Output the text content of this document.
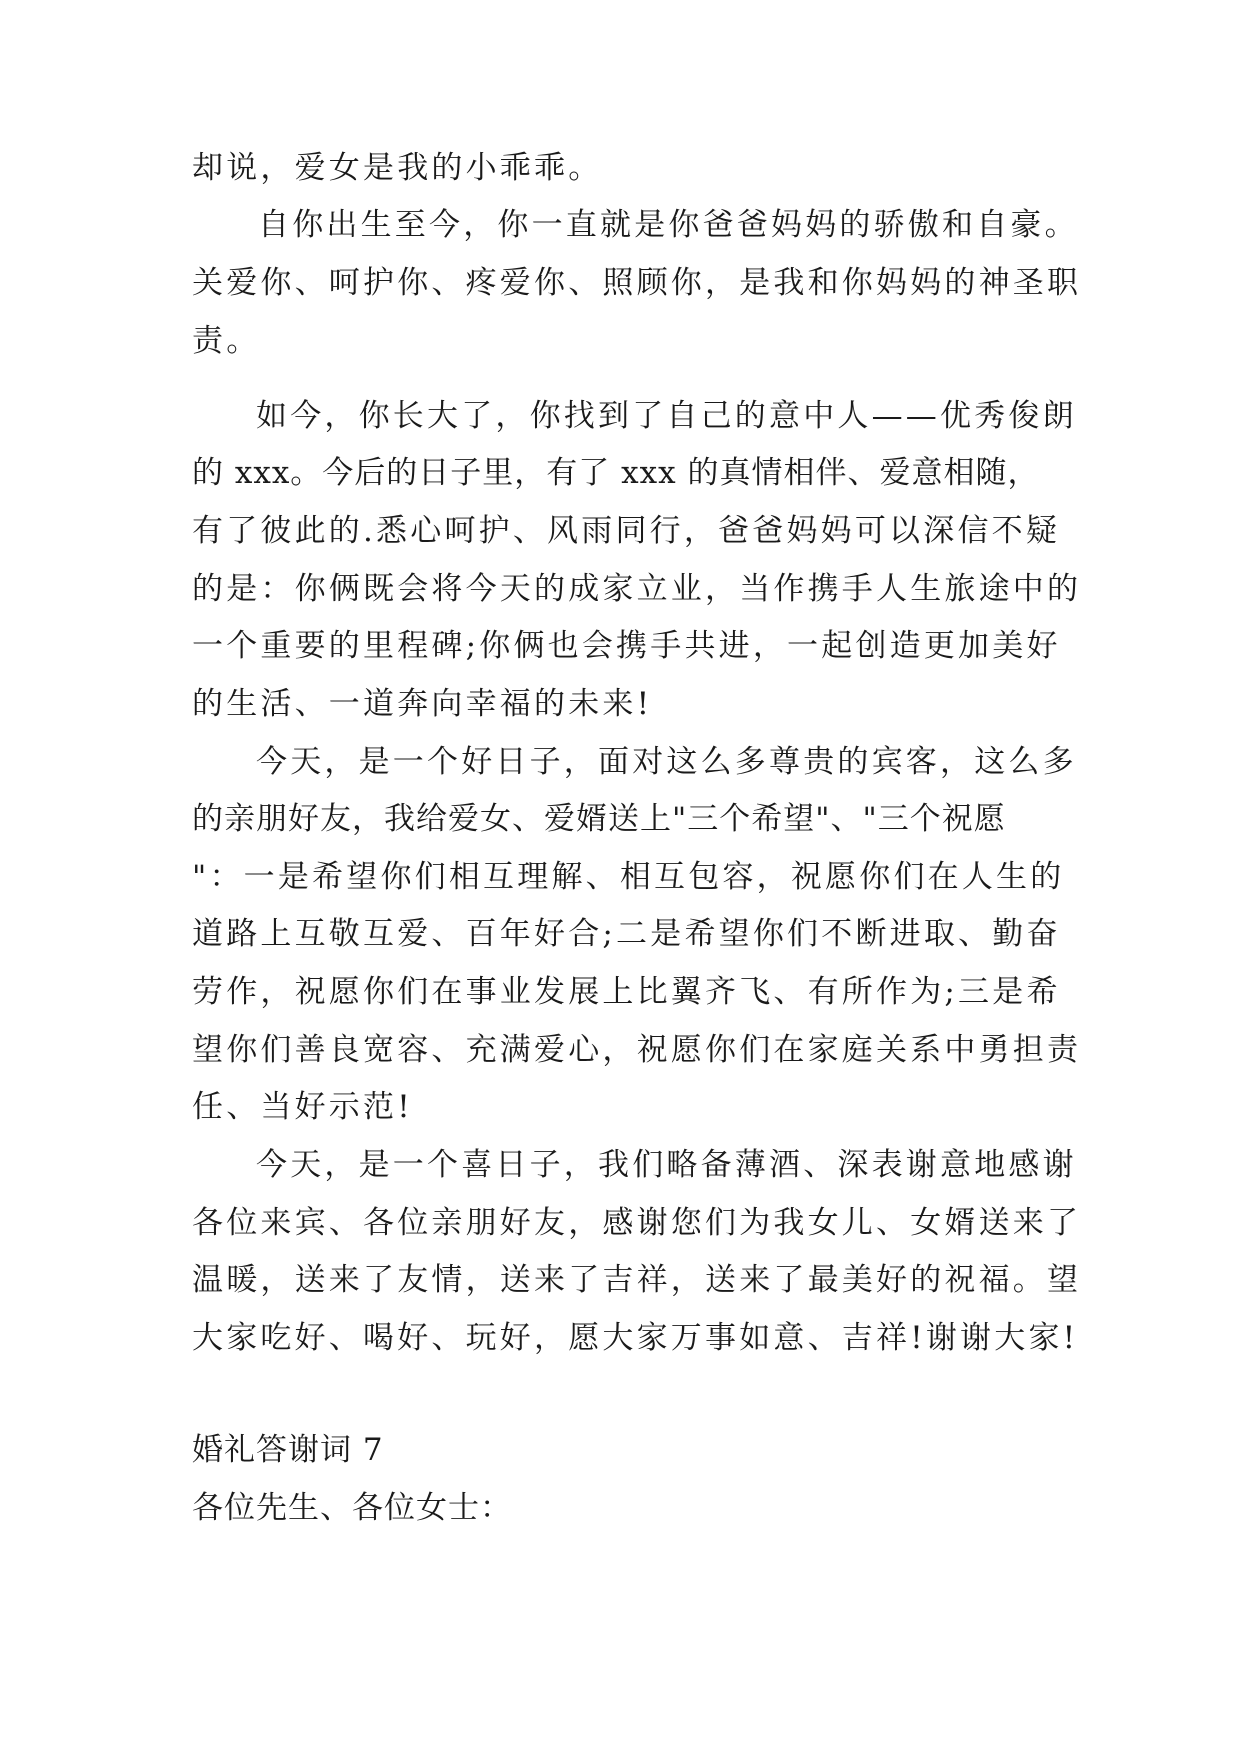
却说，爱女是我的小乖乖。

自你出生至今，你一直就是你爸爸妈妈的骄傲和自豪。

关爱你、呵护你、疼爱你、照顾你，是我和你妈妈的神圣职

责。

如今，你长大了，你找到了自己的意中人——优秀俊朗

的 xxx。今后的日子里，有了 xxx 的真情相伴、爱意相随，

有了彼此的.悉心呵护、风雨同行，爸爸妈妈可以深信不疑

的是：你俩既会将今天的成家立业，当作携手人生旅途中的

一个重要的里程碑;你俩也会携手共进，一起创造更加美好

的生活、一道奔向幸福的未来!

今天，是一个好日子，面对这么多尊贵的宾客，这么多

的亲朋好友，我给爱女、爱婿送上"三个希望"、"三个祝愿

"：一是希望你们相互理解、相互包容，祝愿你们在人生的

道路上互敬互爱、百年好合;二是希望你们不断进取、勤奋

劳作，祝愿你们在事业发展上比翼齐飞、有所作为;三是希

望你们善良宽容、充满爱心，祝愿你们在家庭关系中勇担责

任、当好示范!

今天，是一个喜日子，我们略备薄酒、深表谢意地感谢

各位来宾、各位亲朋好友，感谢您们为我女儿、女婿送来了

温暖，送来了友情，送来了吉祥，送来了最美好的祝福。望

大家吃好、喝好、玩好，愿大家万事如意、吉祥!谢谢大家!

婚礼答谢词 7

各位先生、各位女士：
